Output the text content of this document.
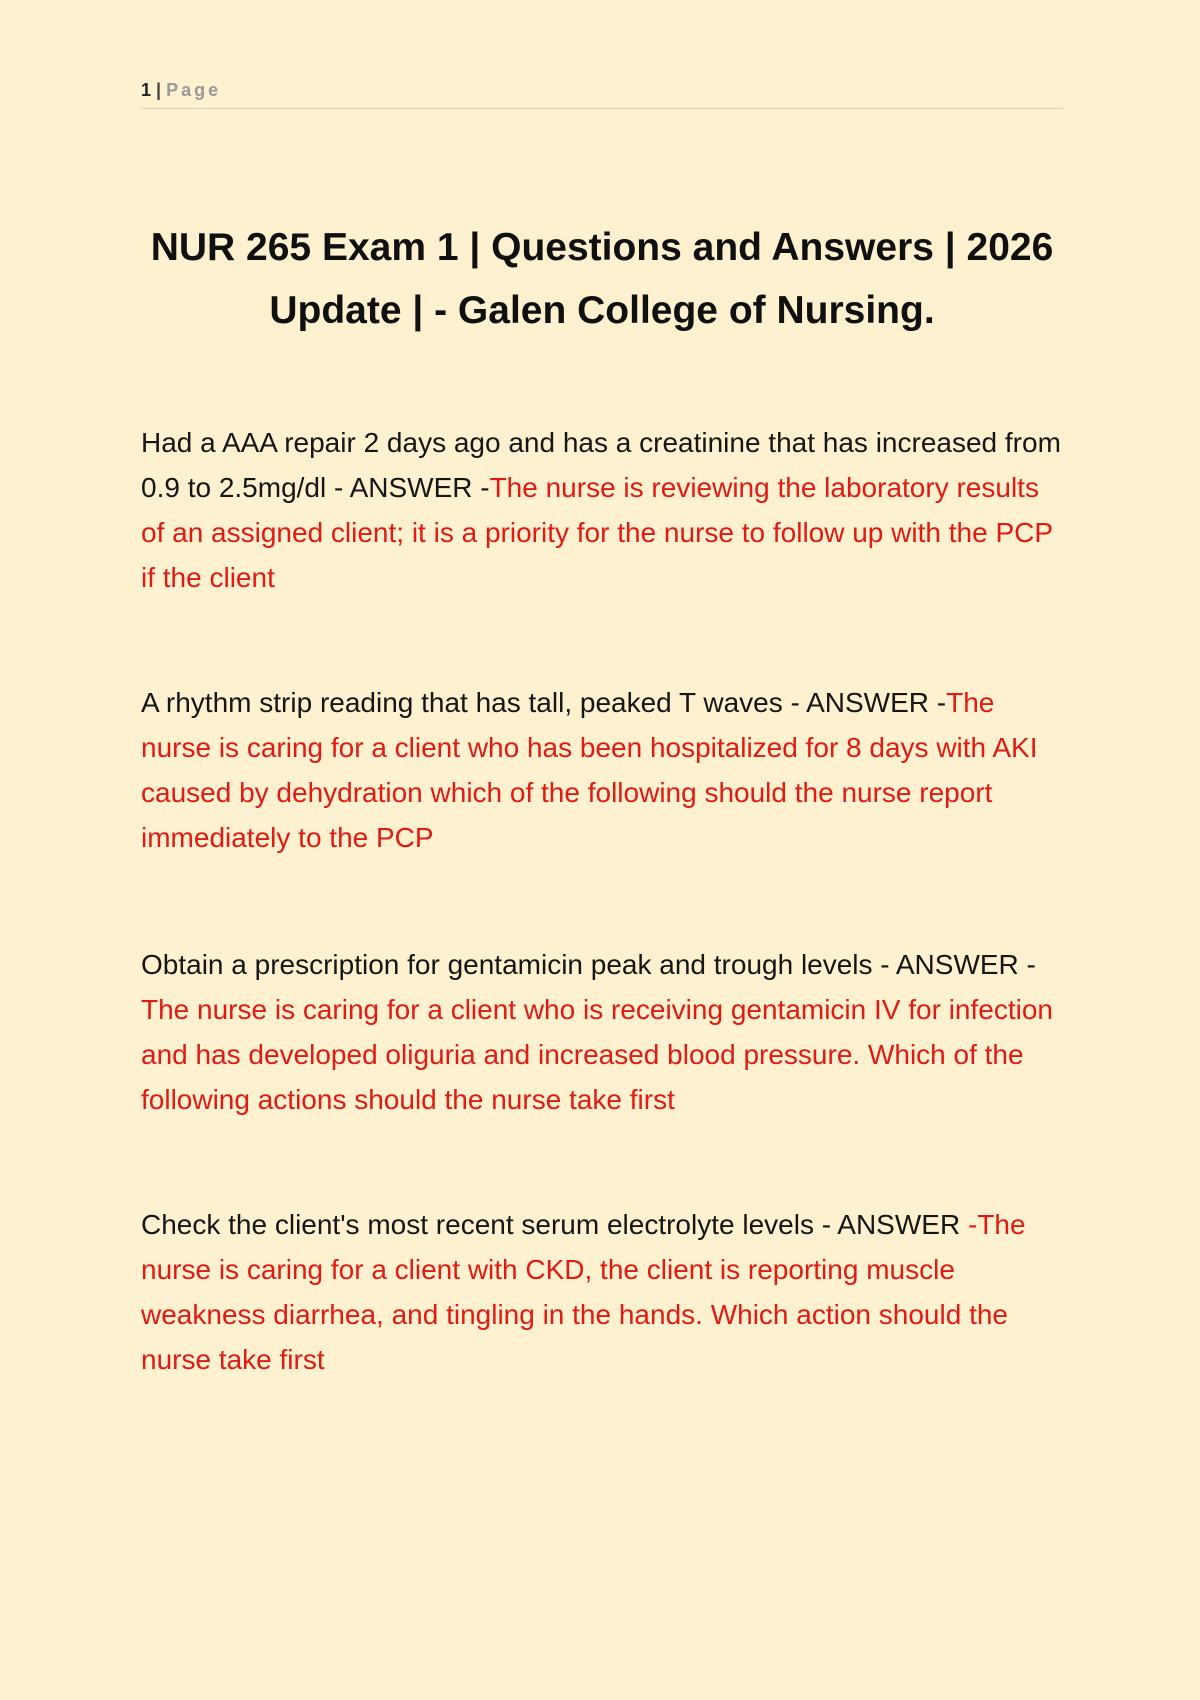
1 | Page
NUR 265 Exam 1 | Questions and Answers | 2026 Update | - Galen College of Nursing.
Had a AAA repair 2 days ago and has a creatinine that has increased from 0.9 to 2.5mg/dl - ANSWER -The nurse is reviewing the laboratory results of an assigned client; it is a priority for the nurse to follow up with the PCP if the client
A rhythm strip reading that has tall, peaked T waves - ANSWER -The nurse is caring for a client who has been hospitalized for 8 days with AKI caused by dehydration which of the following should the nurse report immediately to the PCP
Obtain a prescription for gentamicin peak and trough levels - ANSWER - The nurse is caring for a client who is receiving gentamicin IV for infection and has developed oliguria and increased blood pressure. Which of the following actions should the nurse take first
Check the client's most recent serum electrolyte levels - ANSWER -The nurse is caring for a client with CKD, the client is reporting muscle weakness diarrhea, and tingling in the hands. Which action should the nurse take first
